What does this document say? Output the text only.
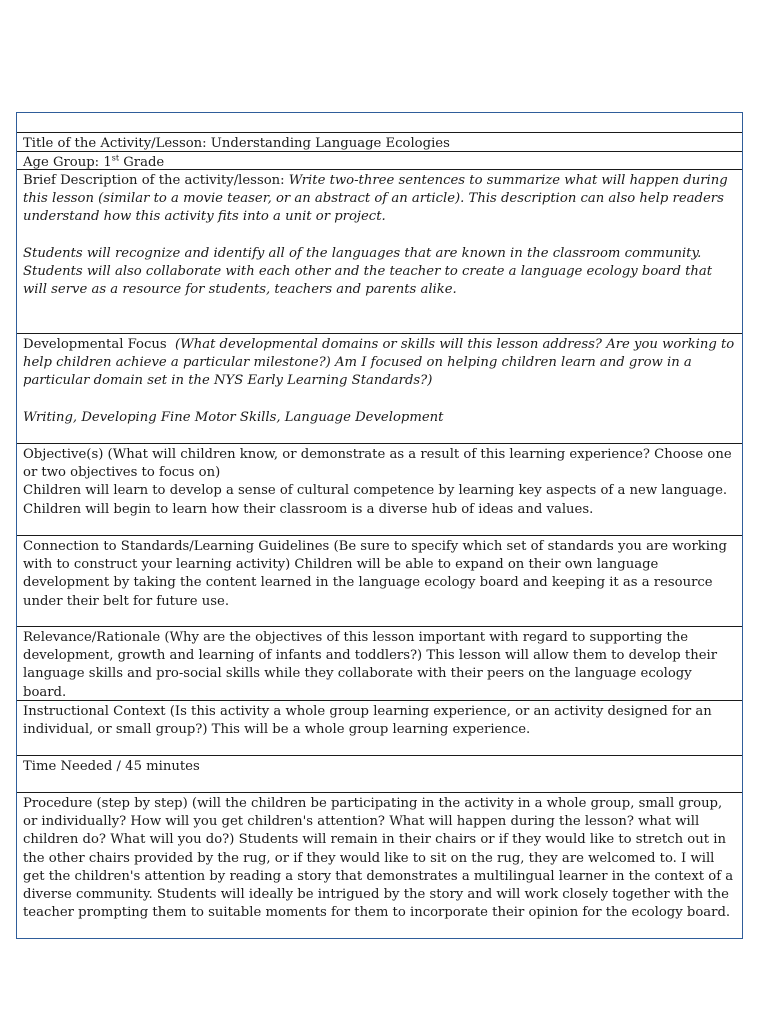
Title of the Activity/Lesson: Understanding Language Ecologies
Age Group: 1st Grade

Brief Description of the activity/lesson: Write two-three sentences to summarize what will happen during this lesson (similar to a movie teaser, or an abstract of an article). This description can also help readers understand how this activity fits into a unit or project.

Students will recognize and identify all of the languages that are known in the classroom community. Students will also collaborate with each other and the teacher to create a language ecology board that will serve as a resource for students, teachers and parents alike.

Developmental Focus (What developmental domains or skills will this lesson address? Are you working to help children achieve a particular milestone?) Am I focused on helping children learn and grow in a particular domain set in the NYS Early Learning Standards?)

Writing, Developing Fine Motor Skills, Language Development

Objective(s) (What will children know, or demonstrate as a result of this learning experience? Choose one or two objectives to focus on)

Children will learn to develop a sense of cultural competence by learning key aspects of a new language.

Children will begin to learn how their classroom is a diverse hub of ideas and values.

Connection to Standards/Learning Guidelines (Be sure to specify which set of standards you are working with to construct your learning activity) Children will be able to expand on their own language development by taking the content learned in the language ecology board and keeping it as a resource under their belt for future use.

Relevance/Rationale (Why are the objectives of this lesson important with regard to supporting the development, growth and learning of infants and toddlers?) This lesson will allow them to develop their language skills and pro-social skills while they collaborate with their peers on the language ecology board.

Instructional Context (Is this activity a whole group learning experience, or an activity designed for an individual, or small group?) This will be a whole group learning experience.

Time Needed / 45 minutes

Procedure (step by step) (will the children be participating in the activity in a whole group, small group, or individually? How will you get children's attention? What will happen during the lesson? what will children do? What will you do?) Students will remain in their chairs or if they would like to stretch out in the other chairs provided by the rug, or if they would like to sit on the rug, they are welcomed to. I will get the children's attention by reading a story that demonstrates a multilingual learner in the context of a diverse community. Students will ideally be intrigued by the story and will work closely together with the teacher prompting them to suitable moments for them to incorporate their opinion for the ecology board.
